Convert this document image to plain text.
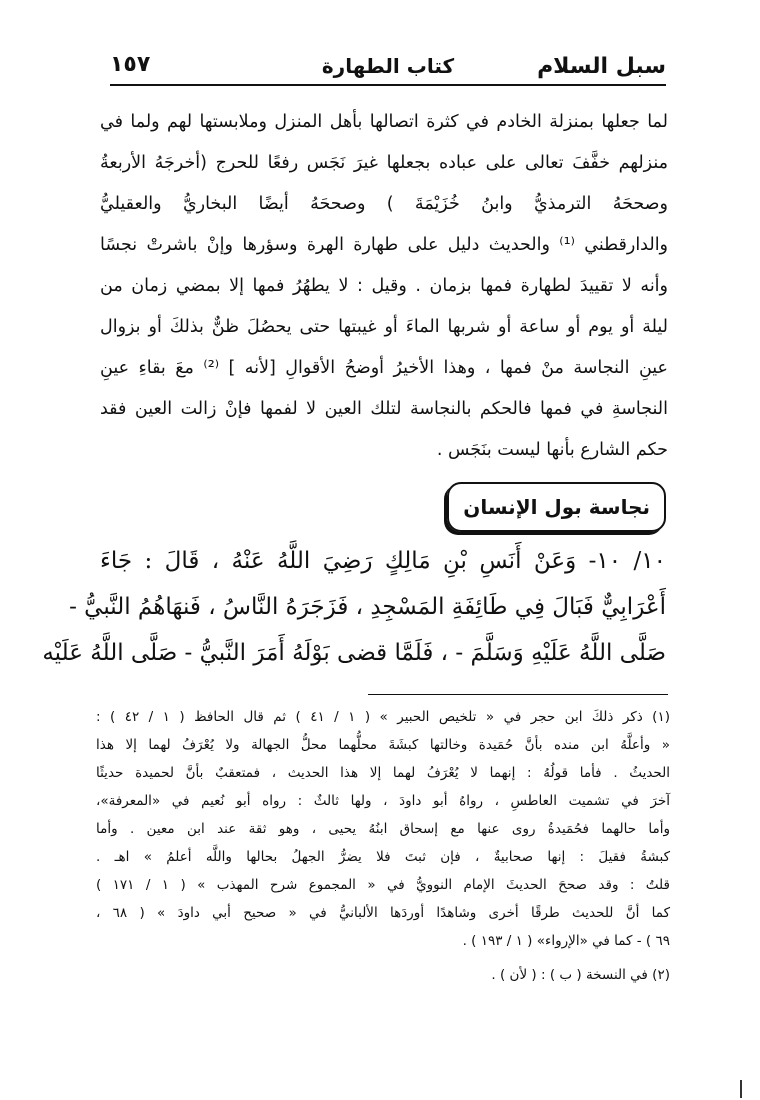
سبل السلام
كتاب الطهارة
١٥٧
لما جعلها بمنزلة الخادم في كثرة اتصالها بأهل المنزل وملابستها لهم ولما في
منزلهم خفَّفَ تعالى على عباده بجعلها غيرَ نَجَس رفعًا للحرج (أخرجَهُ الأربعةُ
وصححَهُ الترمذيُّ وابنُ خُزَيْمَةَ ) وصححَهُ أيضًا البخاريُّ والعقيليُّ
والدارقطني ⁽¹⁾ والحديث دليل على طهارة الهرة وسؤرها وإنْ باشرتْ نجسًا
وأنه لا تقييدَ لطهارة فمها بزمان . وقيل : لا يطهُرُ فمها إلا بمضي زمان من
ليلة أو يوم أو ساعة أو شربها الماءَ أو غيبتها حتى يحصُلَ ظنٌّ بذلكَ أو بزوال
عينِ النجاسة منْ فمها ، وهذا الأخيرُ أوضحُ الأقوالِ [لأنه ] ⁽²⁾ معَ بقاءِ عينِ
النجاسةِ في فمها فالحكم بالنجاسة لتلك العين لا لفمها فإنْ زالت العين فقد
حكم الشارع بأنها ليست بنَجَس .
نجاسة بول الإنسان
١٠/ ١٠- وَعَنْ أَنَسِ بْنِ مَالِكٍ رَضِيَ اللَّهُ عَنْهُ ، قَالَ : جَاءَ
أَعْرَابِيٌّ فَبَالَ فِي طَائِفَةِ المَسْجِدِ ، فَزَجَرَهُ النَّاسُ ، فَنهَاهُمُ النَّبيُّ -
صَلَّى اللَّهُ عَلَيْهِ وَسَلَّمَ - ، فَلَمَّا قضى بَوْلَهُ أَمَرَ النَّبيُّ - صَلَّى اللَّهُ عَلَيْه
(١) ذكر ذلكَ ابن حجر في « تلخيص الحبير » ( ١ / ٤١ ) ثم قال الحافظ ( ١ / ٤٢ ) :
« وأعلَّهُ ابن منده بأنَّ حُمَيدة وخالتها كبشَةَ محلُّهما محلُّ الجهالة ولا يُعْرَفُ لهما إلا هذا
الحديثُ . فأما قولُهُ : إنهما لا يُعْرَفُ لهما إلا هذا الحديث ، فمتعقبٌ بأنَّ لحميدة حديثًا
آخرَ في تشميت العاطسِ ، رواهُ أبو داودَ ، ولها ثالثٌ : رواه أبو نُعيم في «المعرفة»،
وأما حالهما فحُمَيدةُ روى عنها مع إسحاق ابنُهُ يحيى ، وهو ثقة عند ابن معين . وأما
كبشةُ فقيلَ : إنها صحابيةٌ ، فإن ثبتَ فلا يضرُّ الجهلُ بحالها واللَّه أعلمُ » اهـ .
قلتُ : وقد صححَ الحديثَ الإمام النوويُّ في « المجموع شرح المهذب » ( ١ / ١٧١ )
كما أنَّ للحديث طرقًا أخرى وشاهدًا أوردَها الألبانيُّ في « صحيح أبي داودَ » ( ٦٨ ،
٦٩ ) - كما في «الإرواء» ( ١ / ١٩٣ ) .
(٢) في النسخة ( ب ) : ( لأن ) .
